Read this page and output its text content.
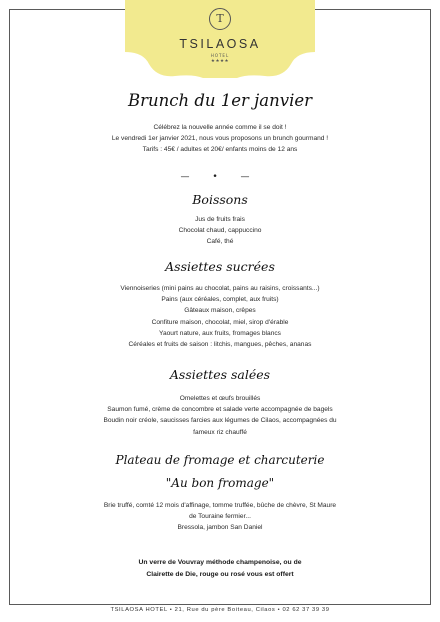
T
TSILAOSA
HOTEL
★★★★
Brunch du 1er janvier
Célébrez la nouvelle année comme il se doit !
Le vendredi 1er janvier 2021, nous vous proposons un brunch gourmand !
Tarifs : 45€ / adultes et 20€/ enfants moins de 12 ans
— • —
Boissons
Jus de fruits frais
Chocolat chaud, cappuccino
Café, thé
Assiettes sucrées
Viennoiseries (mini pains au chocolat, pains au raisins, croissants...)
Pains (aux céréales, complet, aux fruits)
Gâteaux maison, crêpes
Confiture maison, chocolat, miel, sirop d'érable
Yaourt nature, aux fruits, fromages blancs
Céréales et fruits de saison : litchis, mangues, pêches, ananas
Assiettes salées
Omelettes et œufs brouillés
Saumon fumé, crème de concombre et salade verte accompagnée de bagels
Boudin noir créole, saucisses farcies aux légumes de Cilaos, accompagnées du
fameux riz chauffé
Plateau de fromage et charcuterie
"Au bon fromage"
Brie truffé, comté 12 mois d'affinage, tomme truffée, bûche de chèvre, St Maure
de Touraine fermier...
Bressola, jambon San Daniel
Un verre de Vouvray méthode champenoise, ou de
Clairette de Die, rouge ou rosé vous est offert
TSILAOSA HOTEL • 21, Rue du père Boiteau, Cilaos • 02 62 37 39 39
